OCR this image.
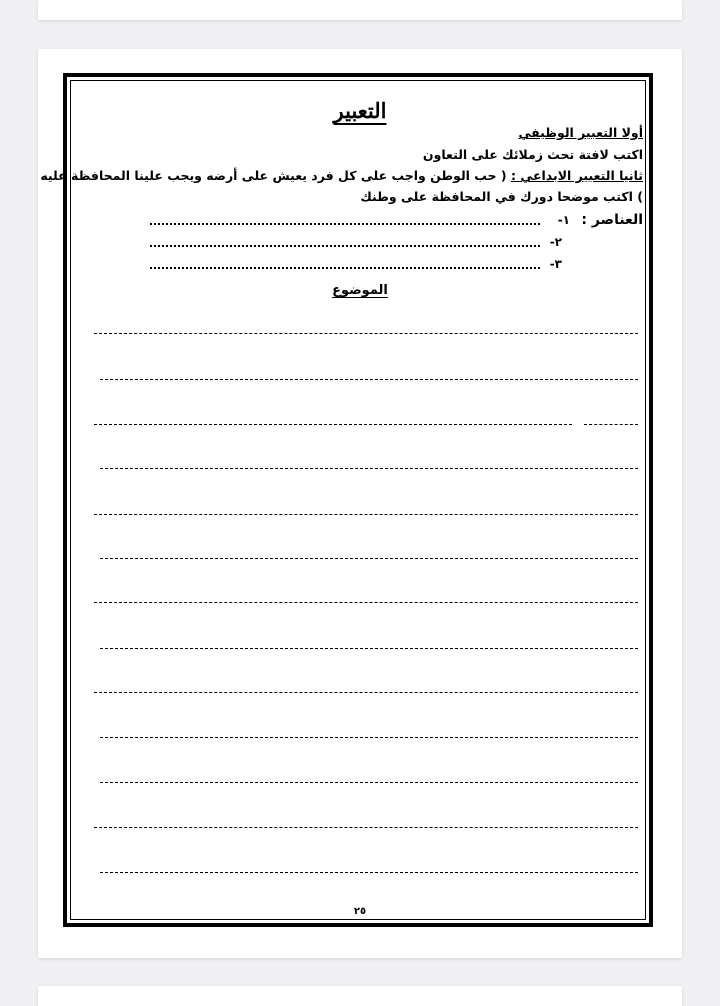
التعبير
أولا التعبير الوظيفي
اكتب لافتة تحث زملائك على التعاون
ثانيا التعبير الابداعي : ( حب الوطن واجب على كل فرد يعيش على أرضه ويجب علينا المحافظة عليه
) اكتب موضحا دورك في المحافظة على وطنك
العناصر :
١-
٢-
٣-
الموضوع
٢٥
